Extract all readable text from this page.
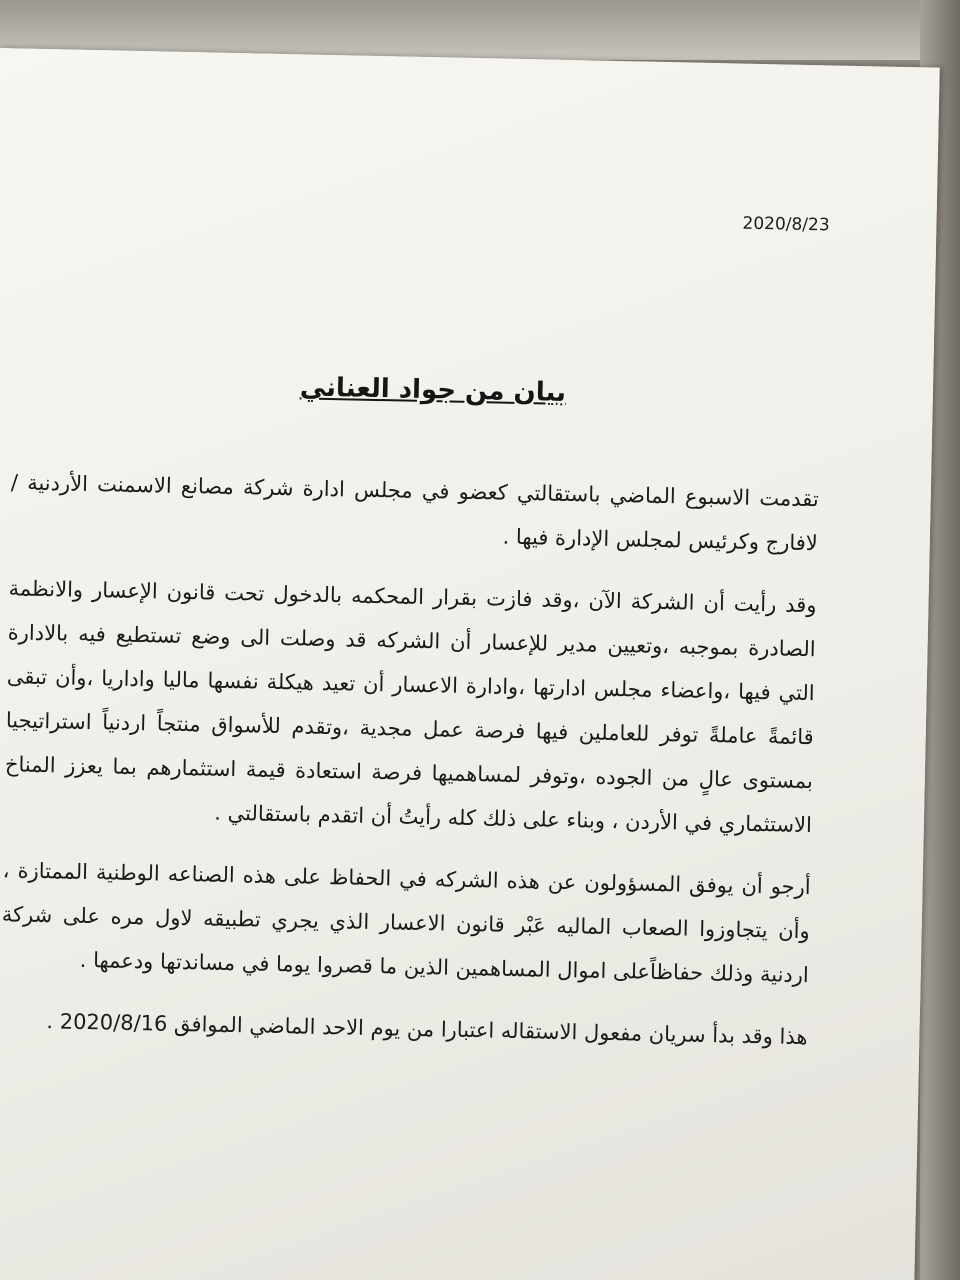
2020/8/23
بيان من جواد العناني

تقدمت الاسبوع الماضي باستقالتي كعضو في مجلس ادارة شركة مصانع الاسمنت الأردنية /لافارج وكرئيس لمجلس الإدارة فيها .

وقد رأيت أن الشركة الآن ،وقد فازت بقرار المحكمه بالدخول تحت قانون الإعسار والانظمة الصادرة بموجبه ،وتعيين مدير للإعسار أن الشركه قد وصلت الى وضع تستطيع فيه بالادارة التي فيها ،واعضاء مجلس ادارتها ،وادارة الاعسار أن تعيد هيكلة نفسها ماليا واداريا ،وأن تبقى قائمةً عاملةً توفر للعاملين فيها فرصة عمل مجدية ،وتقدم للأسواق منتجاً اردنياً استراتيجيا بمستوى عالٍ من الجوده ،وتوفر لمساهميها فرصة استعادة قيمة استثمارهم بما يعزز المناخ الاستثماري في الأردن ، وبناء على ذلك كله رأيتُ أن اتقدم باستقالتي .

أرجو أن يوفق المسؤولون عن هذه الشركه في الحفاظ على هذه الصناعه الوطنية الممتازة ، وأن يتجاوزوا الصعاب الماليه عَبْر قانون الاعسار الذي يجري تطبيقه لاول مره على شركة اردنية وذلك حفاظاًعلى اموال المساهمين الذين ما قصروا يوما في مساندتها ودعمها .

هذا وقد بدأ سريان مفعول الاستقاله اعتبارا من يوم الاحد الماضي الموافق 2020/8/16 .
